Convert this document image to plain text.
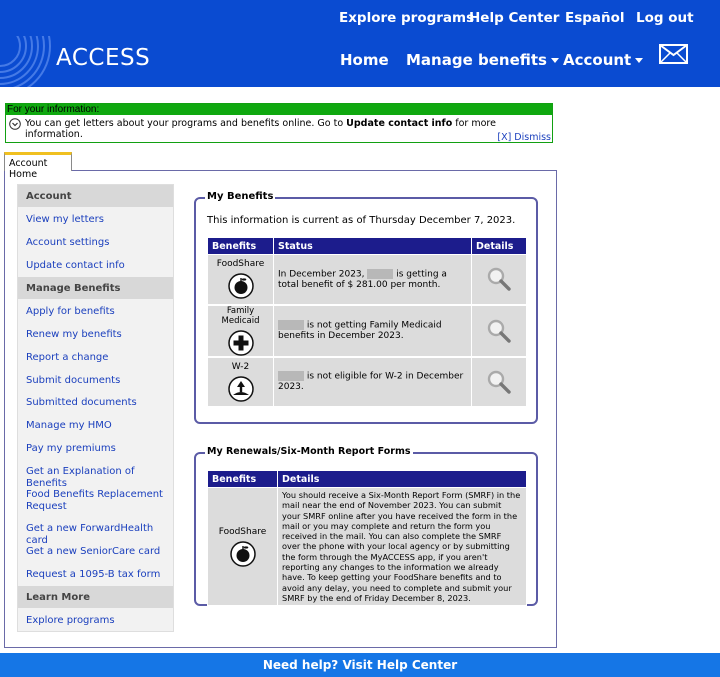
Explore programs
Help Center Español Log out
ACCESS	Home Manage benefits	Account
For your information:
You can get letters about your programs and benefits online. Go to Update contact info for more information.	[X] Dismiss
Account Home
Account
View my letters
Account settings
Update contact info
Manage Benefits
Apply for benefits
Renew my benefits
Report a change
Submit documents
Submitted documents
Manage my HMO
Pay my premiums
Get an Explanation of Benefits
Food Benefits Replacement Request
Get a new ForwardHealth card
Get a new SeniorCare card
Request a 1095-B tax form
Learn More
Explore programs
My Benefits
This information is current as of Thursday December 7, 2023.
Benefits	Status	Details

FoodShare	In December 2023, is getting a total benefit of $ 281.00 per month.	

Family Medicaid	is not getting Family Medicaid benefits in December 2023.	

W-2	is not eligible for W-2 in December 2023.	
My Renewals/Six-Month Report Forms
Benefits	Details

FoodShare	You should receive a Six-Month Report Form (SMRF) in the mail near the end of November 2023. You can submit your SMRF online after you have received the form in the mail or you may complete and return the form you received in the mail. You can also complete the SMRF over the phone with your local agency or by submitting the form through the MyACCESS app, if you aren't reporting any changes to the information we already have. To keep getting your FoodShare benefits and to avoid any delay, you need to complete and submit your SMRF by the end of Friday December 8, 2023.
Need help? Visit Help Center
